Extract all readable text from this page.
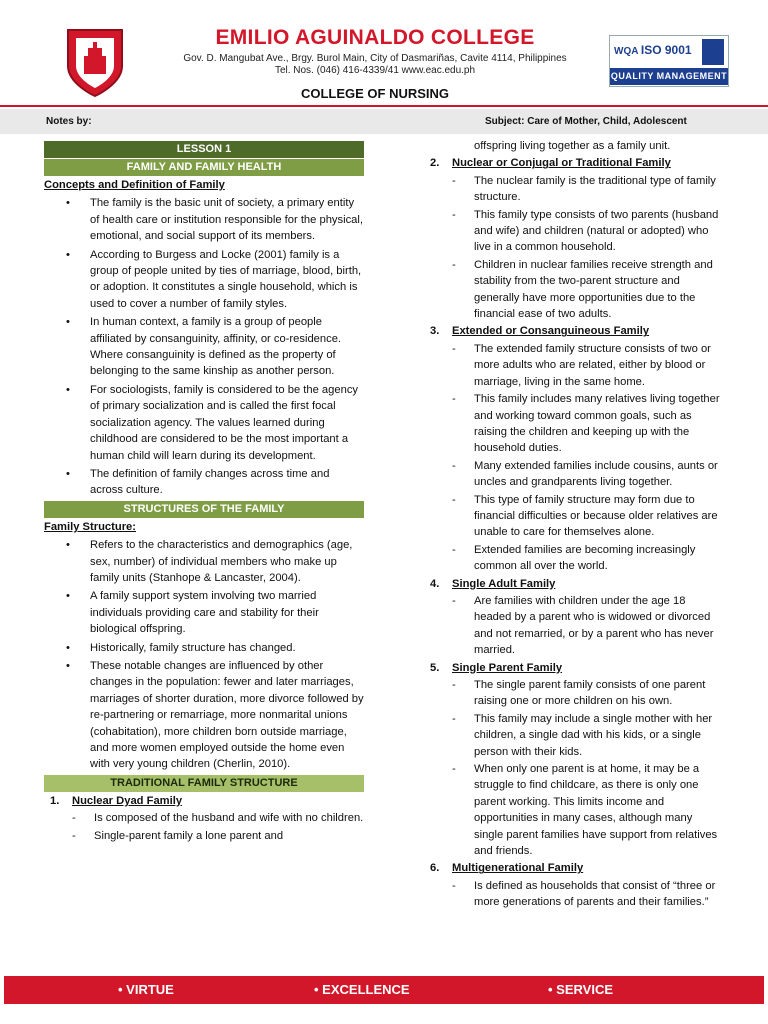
EMILIO AGUINALDO COLLEGE
Gov. D. Mangubat Ave., Brgy. Burol Main, City of Dasmariñas, Cavite 4114, Philippines
Tel. Nos. (046) 416-4339/41 www.eac.edu.ph
WQA ISO 9001
QUALITY MANAGEMENT
COLLEGE OF NURSING
Notes by:	Subject: Care of Mother, Child, Adolescent
LESSON 1
FAMILY AND FAMILY HEALTH
Concepts and Definition of Family
• The family is the basic unit of society, a primary entity of health care or institution responsible for the physical, emotional, and social support of its members.
• According to Burgess and Locke (2001) family is a group of people united by ties of marriage, blood, birth, or adoption. It constitutes a single household, which is used to cover a number of family styles.
• In human context, a family is a group of people affiliated by consanguinity, affinity, or co-residence. Where consanguinity is defined as the property of belonging to the same kinship as another person.
• For sociologists, family is considered to be the agency of primary socialization and is called the first focal socialization agency. The values learned during childhood are considered to be the most important a human child will learn during its development.
• The definition of family changes across time and across culture.
STRUCTURES OF THE FAMILY
Family Structure:
• Refers to the characteristics and demographics (age, sex, number) of individual members who make up family units (Stanhope & Lancaster, 2004).
• A family support system involving two married individuals providing care and stability for their biological offspring.
• Historically, family structure has changed.
• These notable changes are influenced by other changes in the population: fewer and later marriages, marriages of shorter duration, more divorce followed by re-partnering or remarriage, more nonmarital unions (cohabitation), more children born outside marriage, and more women employed outside the home even with very young children (Cherlin, 2010).
TRADITIONAL FAMILY STRUCTURE
1. Nuclear Dyad Family
- Is composed of the husband and wife with no children.
- Single-parent family a lone parent and
offspring living together as a family unit.
2. Nuclear or Conjugal or Traditional Family
- The nuclear family is the traditional type of family structure.
- This family type consists of two parents (husband and wife) and children (natural or adopted) who live in a common household.
- Children in nuclear families receive strength and stability from the two-parent structure and generally have more opportunities due to the financial ease of two adults.
3. Extended or Consanguineous Family
- The extended family structure consists of two or more adults who are related, either by blood or marriage, living in the same home.
- This family includes many relatives living together and working toward common goals, such as raising the children and keeping up with the household duties.
- Many extended families include cousins, aunts or uncles and grandparents living together.
- This type of family structure may form due to financial difficulties or because older relatives are unable to care for themselves alone.
- Extended families are becoming increasingly common all over the world.
4. Single Adult Family
- Are families with children under the age 18 headed by a parent who is widowed or divorced and not remarried, or by a parent who has never married.
5. Single Parent Family
- The single parent family consists of one parent raising one or more children on his own.
- This family may include a single mother with her children, a single dad with his kids, or a single person with their kids.
- When only one parent is at home, it may be a struggle to find childcare, as there is only one parent working. This limits income and opportunities in many cases, although many single parent families have support from relatives and friends.
6. Multigenerational Family
- Is defined as households that consist of “three or more generations of parents and their families.”
• VIRTUE	• EXCELLENCE	• SERVICE
